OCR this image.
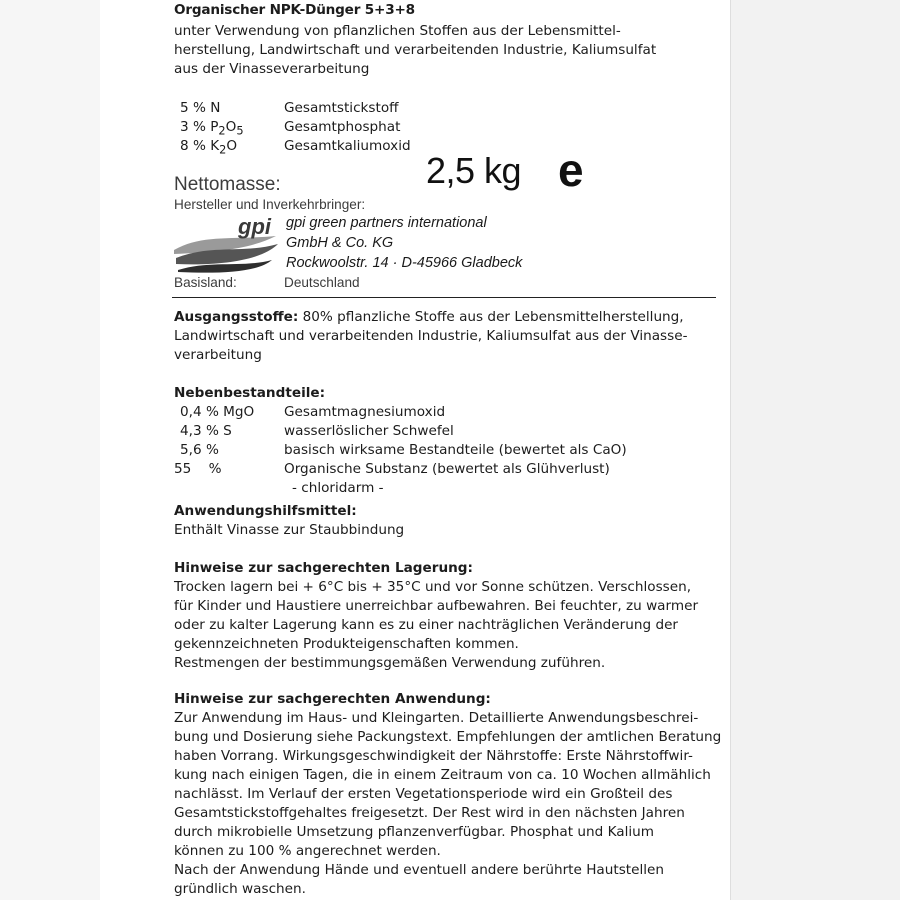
Organischer NPK-Dünger 5+3+8
unter Verwendung von pflanzlichen Stoffen aus der Lebensmittel-
herstellung, Landwirtschaft und verarbeitenden Industrie, Kaliumsulfat
aus der Vinasseverarbeitung
5 % N	Gesamtstickstoff
3 % $P_2O_5$	Gesamtphosphat
8 % $K_2O$	Gesamtkaliumoxid
Nettomasse:	2,5 kg e
Hersteller und Inverkehrbringer:
gpi gpi green partners international
GmbH & Co. KG
Rockwoolstr. 14 · D-45966 Gladbeck
Basisland:	Deutschland
Ausgangsstoffe: 80% pflanzliche Stoffe aus der Lebensmittelherstellung,
Landwirtschaft und verarbeitenden Industrie, Kaliumsulfat aus der Vinasse-
verarbeitung
Nebenbestandteile:
0,4 % MgO Gesamtmagnesiumoxid
4,3 % S	wasserlöslicher Schwefel
5,6 %	basisch wirksame Bestandteile (bewertet als CaO)
55    %	Organische Substanz (bewertet als Glühverlust)
- chloridarm -
Anwendungshilfsmittel:
Enthält Vinasse zur Staubbindung
Hinweise zur sachgerechten Lagerung:
Trocken lagern bei + 6°C bis + 35°C und vor Sonne schützen. Verschlossen,
für Kinder und Haustiere unerreichbar aufbewahren. Bei feuchter, zu warmer
oder zu kalter Lagerung kann es zu einer nachträglichen Veränderung der
gekennzeichneten Produkteigenschaften kommen.
Restmengen der bestimmungsgemäßen Verwendung zuführen.
Hinweise zur sachgerechten Anwendung:
Zur Anwendung im Haus- und Kleingarten. Detaillierte Anwendungsbeschrei-
bung und Dosierung siehe Packungstext. Empfehlungen der amtlichen Beratung
haben Vorrang. Wirkungsgeschwindigkeit der Nährstoffe: Erste Nährstoffwir-
kung nach einigen Tagen, die in einem Zeitraum von ca. 10 Wochen allmählich
nachlässt. Im Verlauf der ersten Vegetationsperiode wird ein Großteil des
Gesamtstickstoffgehaltes freigesetzt. Der Rest wird in den nächsten Jahren
durch mikrobielle Umsetzung pflanzenverfügbar. Phosphat und Kalium
können zu 100 % angerechnet werden.
Nach der Anwendung Hände und eventuell andere berührte Hautstellen
gründlich waschen.
